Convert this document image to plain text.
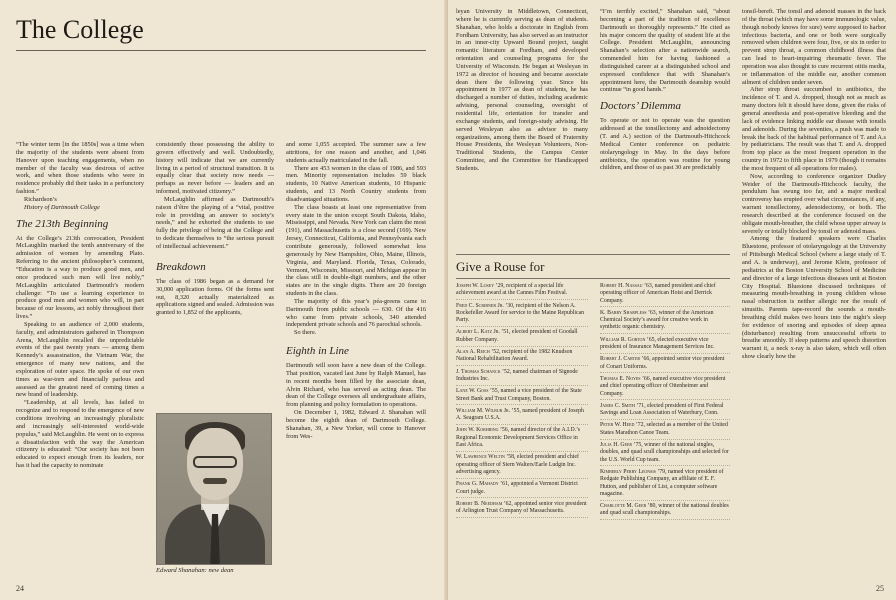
The College

“The winter term [in the 1850s] was a time when the majority of the students were absent from Hanover upon teaching engagements, when no member of the faculty was desirous of active work, and when those students who were in residence probably did their tasks in a perfunctory fashion.”

Richardson’s

History of Dartmouth College

The 213th Beginning

At the College’s 213th convocation, President McLaughlin marked the tenth anniversary of the admission of women by amending Plato. Referring to the ancient philosopher’s comment, “Education is a way to produce good men, and once produced such men will live nobly,” McLaughlin articulated Dartmouth’s modern challenge: “To use a learning experience to produce good men and women who will, in part because of our lessons, act nobly throughout their lives.”

Speaking to an audience of 2,000 students, faculty, and administrators gathered in Thompson Arena, McLaughlin recalled the unpredictable events of the past twenty years — among them Kennedy’s assassination, the Vietnam War, the emergence of many new nations, and the exploration of outer space. He spoke of our own times as war-torn and financially parlous and assessed as the greatest need of coming times a new brand of leadership.

“Leadership, at all levels, has failed to recognize and to respond to the emergence of new conditions involving an increasingly pluralistic and increasingly self-interested world-wide populus,” said McLaughlin. He went on to express a dissatisfaction with the way the American citizenry is educated: “Our society has not been educated to expect enough from its leaders, nor has it had the capacity to nominate

consistently those possessing the ability to govern effectively and well. Undoubtedly, history will indicate that we are currently living in a period of structural transition. It is equally clear that society now needs — perhaps as never before — leaders and an informed, motivated citizenry.”

McLaughlin affirmed as Dartmouth’s raison d’être the playing of a “vital, positive role in providing an answer to society’s needs,” and he exhorted the students to use fully the privilege of being at the College and to dedicate themselves to “the serious pursuit of intellectual achievement.”

Breakdown

The class of 1986 began as a demand for 30,000 application forms. Of the forms sent out, 8,320 actually materialized as applications signed and sealed. Admission was granted to 1,852 of the applicants,

Edward Shanahan: new dean

and some 1,055 accepted. The summer saw a few attritions, for one reason and another, and 1,046 students actually matriculated in the fall.

There are 453 women in the class of 1986, and 593 men. Minority representation includes 59 black students, 10 Native American students, 10 Hispanic students, and 13 North Country students from disadvantaged situations.

The class boasts at least one representative from every state in the union except South Dakota, Idaho, Mississippi, and Nevada. New York can claim the most (191), and Massachusetts is a close second (169). New Jersey, Connecticut, California, and Pennsylvania each contribute generously, followed somewhat less generously by New Hampshire, Ohio, Maine, Illinois, Virginia, and Maryland. Florida, Texas, Colorado, Vermont, Wisconsin, Missouri, and Michigan appear in the class still in double-digit numbers, and the other states are in the single digits. There are 20 foreign students in the class.

The majority of this year’s péa-greens came to Dartmouth from public schools — 630. Of the 416 who came from private schools, 340 attended independent private schools and 76 parochial schools.

So there.

Eighth in Line

Dartmouth will soon have a new dean of the College. That position, vacated last June by Ralph Manuel, has in recent months been filled by the associate dean, Alvin Richard, who has served as acting dean. The dean of the College oversees all undergraduate affairs, from planning and policy formulation to operations.

On December 1, 1982, Edward J. Shanahan will become the eighth dean of Dartmouth College. Shanahan, 39, a New Yorker, will come to Hanover from Wes-

24

leyan University in Middletown, Connecticut, where he is currently serving as dean of students. Shanahan, who holds a doctorate in English from Fordham University, has also served as an instructor in an inner-city Upward Bound project, taught romantic literature at Fordham, and developed orientation and counseling programs for the University of Wisconsin. He began at Wesleyan in 1972 as director of housing and became associate dean there the following year. Since his appointment in 1977 as dean of students, he has discharged a number of duties, including academic advising, personal counseling, oversight of residential life, orientation for transfer and exchange students, and foreign-study advising. He served Wesleyan also as advisor to many organizations, among them the Board of Fraternity House Presidents, the Wesleyan Volunteers, Non-Traditional Students, the Campus Center Committee, and the Committee for Handicapped Students.

“I’m terribly excited,” Shanahan said, “about becoming a part of the tradition of excellence Dartmouth so thoroughly represents.” He cited as his major concern the quality of student life at the College. President McLaughlin, announcing Shanahan’s selection after a nationwide search, commended him for having fashioned a distinguished career at a distinguished school and expressed confidence that with Shanahan’s appointment here, the Dartmouth deanship would continue “in good hands.”

Doctors’ Dilemma

To operate or not to operate was the question addressed at the tonsillectomy and adnoidectomy (T. and A.) section of the Dartmouth-Hitchcock Medical Center conference on pediatric otolaryngology in May. In the days before antibiotics, the operation was routine for young children, and those of us past 30 are predictably

tonsil-bereft. The tonsil and adenoid masses in the back of the throat (which may have some immunologic value, though nobody knows for sure) were supposed to harbor infectious bacteria, and one or both were surgically removed when children were four, five, or six in order to prevent strep throat, a common childhood illness that can lead to heart-impairing rheumatic fever. The operation was also thought to cure recurrent otitis media, or inflammation of the middle ear, another common ailment of children under seven.

After strep throat succumbed to antibiotics, the incidence of T. and A. dropped, though not as much as many doctors felt it should have done, given the risks of general anesthesia and post-operative bleeding and the lack of evidence linking middle ear disease with tonsils and adenoids. During the seventies, a push was made to break the back of the habitual performance of T. and A.s by pediatricians. The result was that T. and A. dropped from top place as the most frequent operation in the country in 1972 to fifth place in 1979 (though it remains the most frequent of all operations for males).

Now, according to conference organizer Dudley Weider of the Dartmouth-Hitchcock faculty, the pendulum has swung too far, and a major medical controversy has erupted over what circumstances, if any, warrant tonsillectomy, adenoidectomy, or both. The research described at the conference focused on the obligate mouth-breather, the child whose upper airway is severely or totally blocked by tonsil or adenoid mass.

Among the featured speakers were Charles Bluestone, professor of otolaryngology at the University of Pittsburgh Medical School (where a large study of T. and A. is underway), and Jerome Klein, professor of pediatrics at the Boston University School of Medicine and director of a large infectious diseases unit at Boston City Hospital. Bluestone discussed techniques of measuring mouth-breathing in young children whose nasal obstruction is neither allergic nor the result of sinusitis. Parents tape-record the sounds a mouth-breathing child makes two hours into the night’s sleep for evidence of snoring and episodes of sleep apnea (disturbance) resulting from unsuccessful efforts to breathe smoothly. If sleep patterns and speech distortion warrant it, a neck x-ray is also taken, which will often show clearly how the

Give a Rouse for
Joseph W. Losey ’29, recipient of a special life achievement award at the Cannes Film Festival.
Fred C. Scribner Jr. ’30, recipient of the Nelson A. Rockefeller Award for service to the Maine Republican Party.
Albert L. Katz Jr. ’51, elected president of Goodall Rubber Company.
Alan A. Reich ’52, recipient of the 1982 Knudson National Rehabilitation Award.
J. Thomas Schanck ’52, named chairman of Signode Industries Inc.
Lane W. Goss ’55, named a vice president of the State Street Bank and Trust Company, Boston.
William M. Wilbur Jr. ’55, named president of Joseph A. Seagram U.S.A.
John W. Korhring ’56, named director of the A.I.D.’s Regional Economic Development Services Office in East Africa.
W. Lawrence Weltin ’58, elected president and chief operating officer of Stern Walters/Earle Ludgin Inc. advertising agency.
Frank G. Mahady ’61, appointed a Vermont District Court judge.
Robert B. Needham ’62, appointed senior vice president of Arlington Trust Company of Massachusetts.
Robert H. Nassau ’63, named president and chief operating officer of American Hoist and Derrick Company.
K. Barry Sharpless ’63, winner of the American Chemical Society’s award for creative work in synthetic organic chemistry.
William R. Gorton ’65, elected executive vice president of Insurance Management Services Inc.
Robert J. Carter ’66, appointed senior vice president of Conart Uniforms.
Thomas E. Noyes ’66, named executive vice president and chief operating officer of Ottenheimer and Company.
James C. Smith ’71, elected president of First Federal Savings and Loan Association of Waterbury, Conn.
Peter W. Heed ’72, selected as a member of the United States Marathon Canoe Team.
Julia H. Geer ’75, winner of the national singles, doubles, and quad scull championships and selected for the U.S. World Cup team.
Kimberly Perry Leonsis ’79, named vice president of Redgate Publishing Company, an affiliate of E. F. Hutton, and publisher of List, a computer software magazine.
Charlotte M. Geer ’80, winner of the national doubles and quad scull championships.
25
